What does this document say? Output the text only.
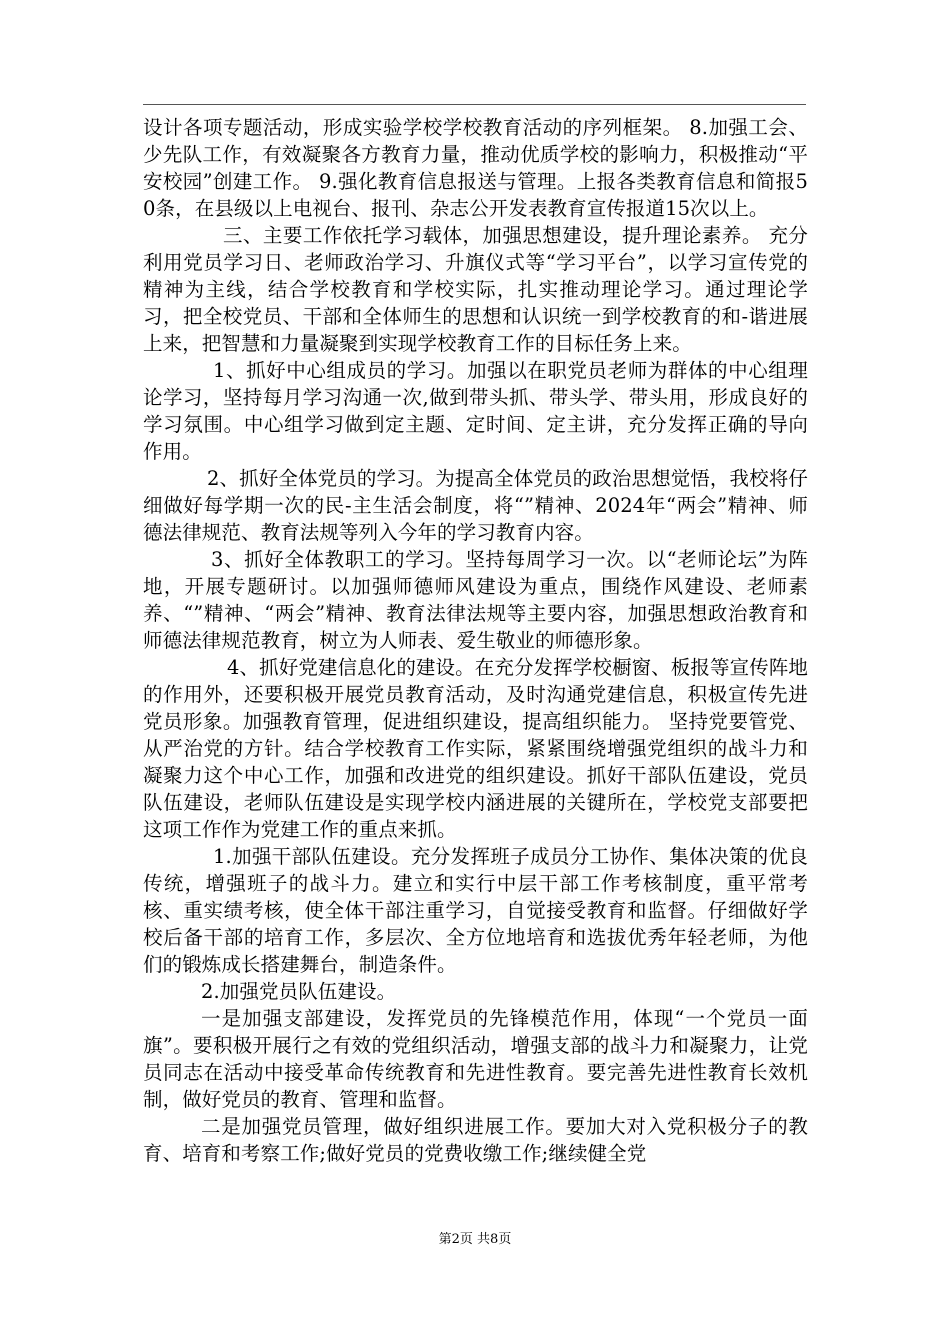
设计各项专题活动，形成实验学校学校教育活动的序列框架。 8.加强工会、少先队工作，有效凝聚各方教育力量，推动优质学校的影响力，积极推动“平安校园”创建工作。 9.强化教育信息报送与管理。上报各类教育信息和简报50条，在县级以上电视台、报刊、杂志公开发表教育宣传报道15次以上。

三、主要工作依托学习载体，加强思想建设，提升理论素养。 充分利用党员学习日、老师政治学习、升旗仪式等“学习平台”，以学习宣传党的精神为主线，结合学校教育和学校实际，扎实推动理论学习。通过理论学习，把全校党员、干部和全体师生的思想和认识统一到学校教育的和-谐进展上来，把智慧和力量凝聚到实现学校教育工作的目标任务上来。

1、抓好中心组成员的学习。加强以在职党员老师为群体的中心组理论学习，坚持每月学习沟通一次,做到带头抓、带头学、带头用，形成良好的学习氛围。中心组学习做到定主题、定时间、定主讲，充分发挥正确的导向作用。

2、抓好全体党员的学习。为提高全体党员的政治思想觉悟，我校将仔细做好每学期一次的民-主生活会制度，将“”精神、2024年“两会”精神、师德法律规范、教育法规等列入今年的学习教育内容。

3、抓好全体教职工的学习。坚持每周学习一次。以“老师论坛”为阵地，开展专题研讨。以加强师德师风建设为重点，围绕作风建设、老师素养、“”精神、“两会”精神、教育法律法规等主要内容，加强思想政治教育和师德法律规范教育，树立为人师表、爱生敬业的师德形象。

4、抓好党建信息化的建设。在充分发挥学校橱窗、板报等宣传阵地的作用外，还要积极开展党员教育活动，及时沟通党建信息，积极宣传先进党员形象。加强教育管理，促进组织建设，提高组织能力。 坚持党要管党、从严治党的方针。结合学校教育工作实际，紧紧围绕增强党组织的战斗力和凝聚力这个中心工作，加强和改进党的组织建设。抓好干部队伍建设，党员队伍建设，老师队伍建设是实现学校内涵进展的关键所在，学校党支部要把这项工作作为党建工作的重点来抓。

1.加强干部队伍建设。充分发挥班子成员分工协作、集体决策的优良传统，增强班子的战斗力。建立和实行中层干部工作考核制度，重平常考核、重实绩考核，使全体干部注重学习，自觉接受教育和监督。仔细做好学校后备干部的培育工作，多层次、全方位地培育和选拔优秀年轻老师，为他们的锻炼成长搭建舞台，制造条件。

2.加强党员队伍建设。

一是加强支部建设，发挥党员的先锋模范作用，体现“一个党员一面旗”。要积极开展行之有效的党组织活动，增强支部的战斗力和凝聚力，让党员同志在活动中接受革命传统教育和先进性教育。要完善先进性教育长效机制，做好党员的教育、管理和监督。

二是加强党员管理，做好组织进展工作。要加大对入党积极分子的教育、培育和考察工作;做好党员的党费收缴工作;继续健全党

第2页 共8页
